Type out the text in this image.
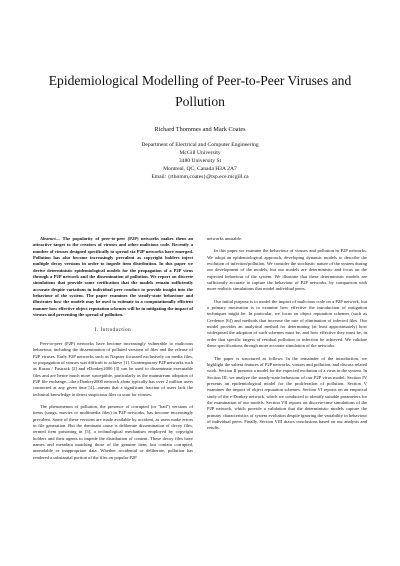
Epidemiological Modelling of Peer-to-Peer Viruses and Pollution
Richard Thommes and Mark Coates
Department of Electrical and Computer Engineering
McGill University
3480 University St
Montreal, QC, Canada H3A 2A7
Email: {rthomm,coates}@tsp.ece.mcgill.ca

Abstract— The popularity of peer-to-peer (P2P) networks makes them an attractive target to the creators of viruses and other malicious code. Recently a number of viruses designed specifically to spread via P2P networks have emerged. Pollution has also become increasingly prevalent as copyright holders inject multiple decoy versions in order to impede item distribution. In this paper we derive deterministic epidemiological models for the propagation of a P2P virus through a P2P network and the dissemination of pollution. We report on discrete simulations that provide some verification that the models remain sufficiently accurate despite variations in individual peer conduct to provide insight into the behaviour of the system. The paper examines the steady-state behaviour and illustrates how the models may be used to estimate in a computationally efficient manner how effective object reputation schemes will be in mitigating the impact of viruses and preventing the spread of pollution.

I. Introduction

Peer-to-peer (P2P) networks have become increasingly vulnerable to malicious behaviour, including the dissemination of polluted versions of files and the release of P2P viruses. Early P2P networks such as Napster focussed exclusively on media files, so propagation of viruses was difficult to achieve [1]. Contemporary P2P networks such as Kazaa / Fastrack [2] and eDonkey2000 [3] can be used to disseminate executable files and are hence much more susceptible, particularly as the mainstream adoption of P2P file exchange—the eDonkey2000 network alone typically has over 2 million users connected at any given time [4]—means that a significant fraction of users lack the technical knowledge to detect suspicious files or scan for viruses.

The phenomenon of pollution, the presence of corrupted (or "bad") versions of items (songs, movies or multimedia files) in P2P networks, has become increasingly prevalent. Some of these versions are made available by accident, as users make errors in file generation. But the dominant cause is deliberate dissemination of decoy files, termed item poisoning in [5], a technological mechanism employed by copyright holders and their agents to impede the distribution of content. These decoy files have names and metadata matching those of the genuine item, but contain corrupted, unreadable or inappropriate data. Whether accidental or deliberate, pollution has rendered a substantial portion of the files on popular P2P

networks unusable.

In this paper we examine the behaviour of viruses and pollution in P2P networks. We adopt an epidemiological approach, developing dynamic models to describe the evolution of infection/pollution. We consider the stochastic nature of the system during our development of the models, but our models are deterministic and focus on the expected behaviour of the system. We illustrate that these deterministic models are sufficiently accurate to capture the behaviour of P2P networks, by comparison with more realistic simulations that model individual peers.

Our initial purpose is to model the impact of malicious code on a P2P network, but a primary motivation is to examine how effective the introduction of mitigation techniques might be. In particular, we focus on object reputation schemes (such as Credence [6]) and methods that increase the rate of elimination of infected files. Our model provides an analytical method for determining (at least approximately) how widespread the adoption of such schemes must be, and how effective they must be, in order that specific targets of residual pollution or infection be achieved. We validate these specifications through more accurate simulation of the networks.

The paper is structured as follows. In the remainder of the introduction, we highlight the salient features of P2P networks, viruses and pollution, and discuss related work. Section II presents a model for the expected evolution of a virus in the system. In Section III, we analyze the steady-state behaviour of our P2P virus model. Section IV presents an epidemiological model for the proliferation of pollution. Section V examines the impact of object reputation schemes. Section VI reports on an empirical study of the e-Donkey network, which we conducted to identify suitable parameters for the examination of our models. Section VII reports on discrete-time simulations of the P2P network, which provide a validation that the deterministic models capture the primary characteristics of system evolution despite ignoring the variability in behaviour of individual peers. Finally, Section VIII draws conclusions based on our analysis and results.
